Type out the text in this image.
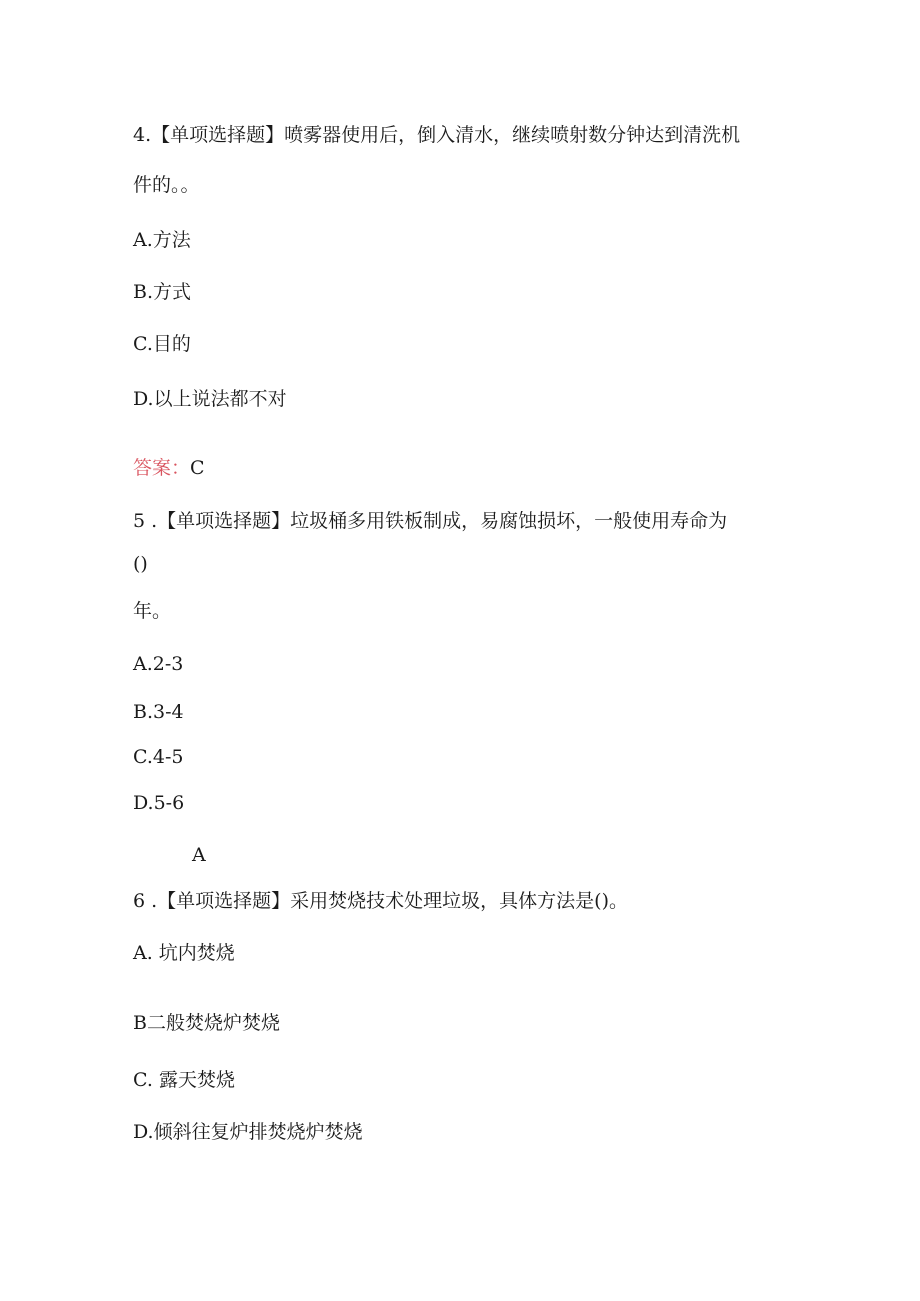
4.【单项选择题】喷雾器使用后，倒入清水，继续喷射数分钟达到清洗机
件的。。
A.方法
B.方式
C.目的
D.以上说法都不对
答案：C
5 .【单项选择题】垃圾桶多用铁板制成，易腐蚀损坏，一般使用寿命为
()
年。
A.2-3
B.3-4
C.4-5
D.5-6
A
6 .【单项选择题】采用焚烧技术处理垃圾，具体方法是()。
A. 坑内焚烧
B二般焚烧炉焚烧
C. 露天焚烧
D.倾斜往复炉排焚烧炉焚烧
